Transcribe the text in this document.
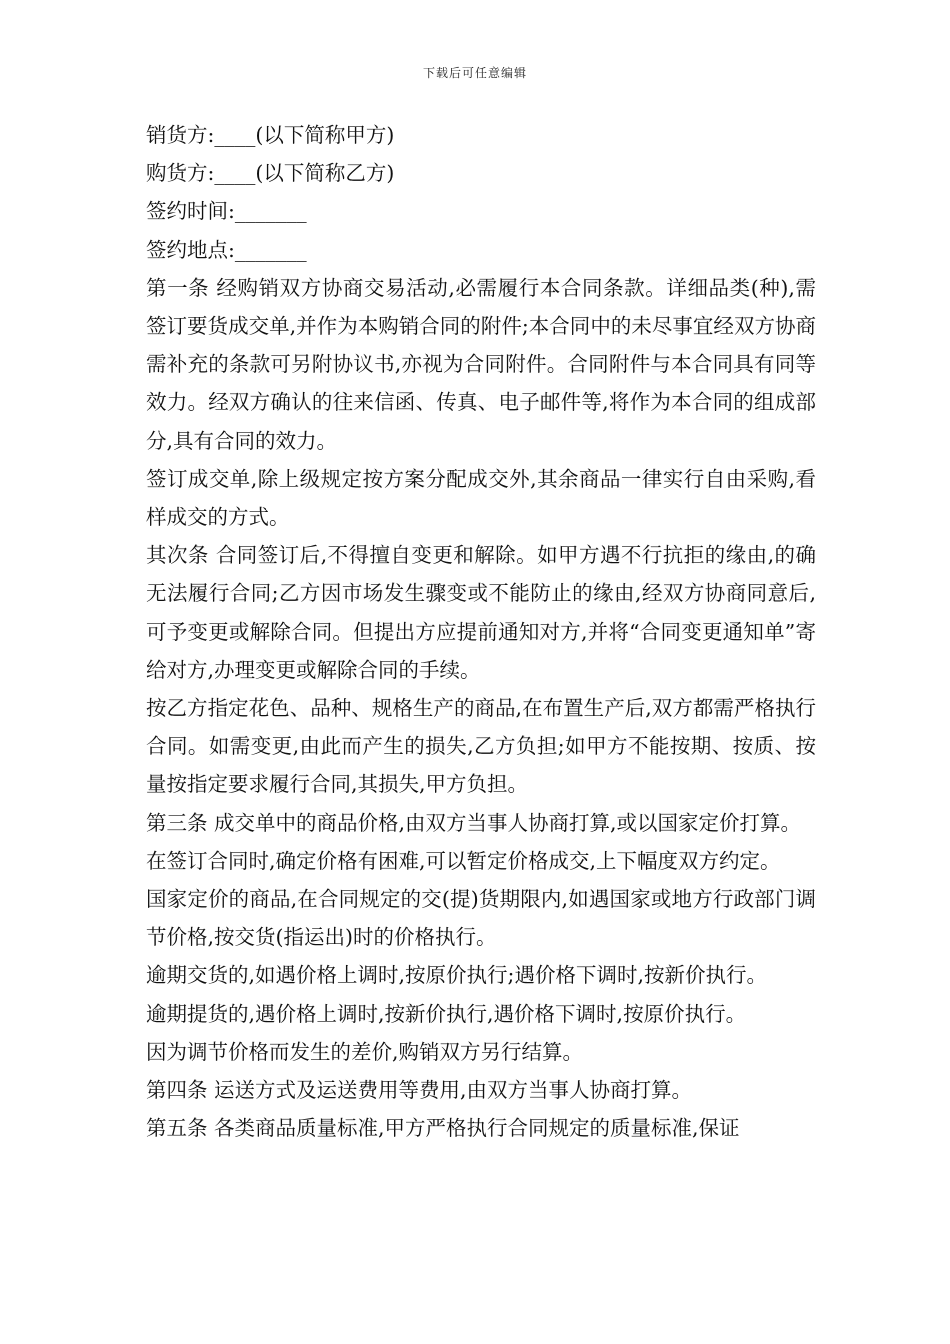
下载后可任意编辑

销货方:____(以下简称甲方)

购货方:____(以下简称乙方)

签约时间:_______

签约地点:_______

第一条 经购销双方协商交易活动,必需履行本合同条款。详细品类(种),需签订要货成交单,并作为本购销合同的附件;本合同中的未尽事宜经双方协商需补充的条款可另附协议书,亦视为合同附件。合同附件与本合同具有同等效力。经双方确认的往来信函、传真、电子邮件等,将作为本合同的组成部分,具有合同的效力。

签订成交单,除上级规定按方案分配成交外,其余商品一律实行自由采购,看样成交的方式。

其次条 合同签订后,不得擅自变更和解除。如甲方遇不行抗拒的缘由,的确无法履行合同;乙方因市场发生骤变或不能防止的缘由,经双方协商同意后,可予变更或解除合同。但提出方应提前通知对方,并将“合同变更通知单”寄给对方,办理变更或解除合同的手续。

按乙方指定花色、品种、规格生产的商品,在布置生产后,双方都需严格执行合同。如需变更,由此而产生的损失,乙方负担;如甲方不能按期、按质、按量按指定要求履行合同,其损失,甲方负担。

第三条 成交单中的商品价格,由双方当事人协商打算,或以国家定价打算。

在签订合同时,确定价格有困难,可以暂定价格成交,上下幅度双方约定。

国家定价的商品,在合同规定的交(提)货期限内,如遇国家或地方行政部门调节价格,按交货(指运出)时的价格执行。

逾期交货的,如遇价格上调时,按原价执行;遇价格下调时,按新价执行。

逾期提货的,遇价格上调时,按新价执行,遇价格下调时,按原价执行。

因为调节价格而发生的差价,购销双方另行结算。

第四条 运送方式及运送费用等费用,由双方当事人协商打算。

第五条 各类商品质量标准,甲方严格执行合同规定的质量标准,保证
